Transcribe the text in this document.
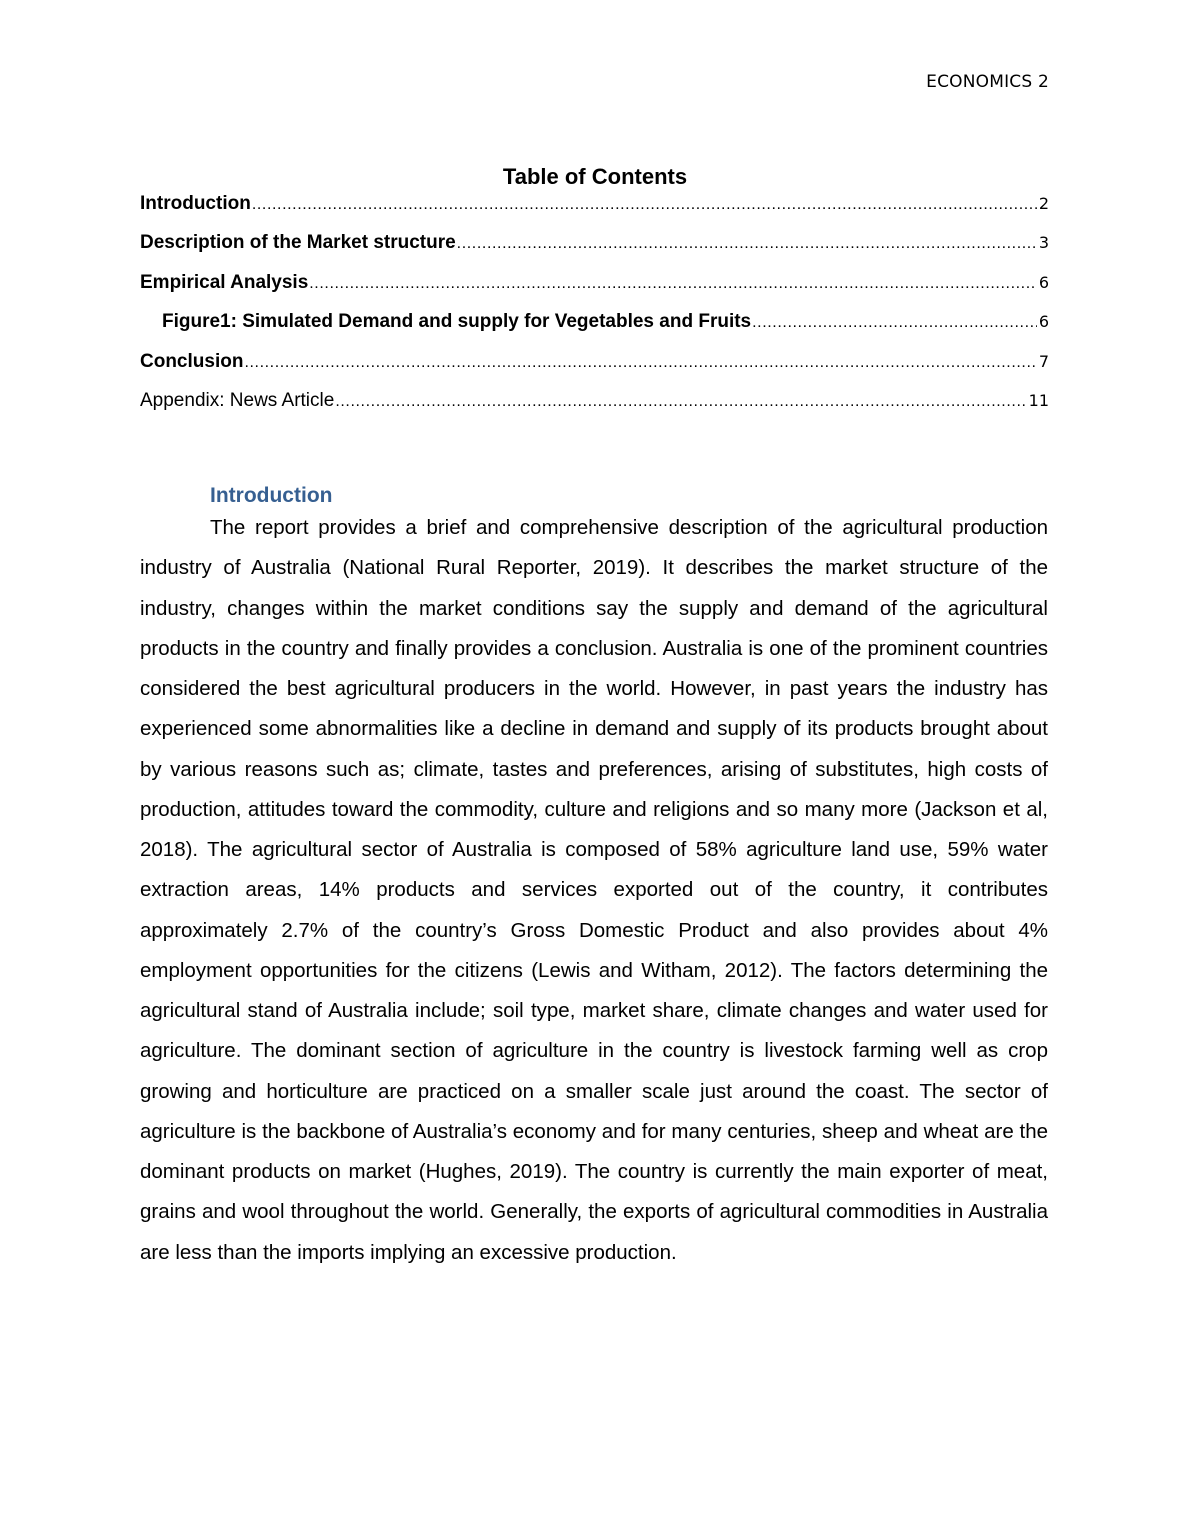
ECONOMICS 2
Table of Contents
Introduction .....	2
Description of the Market structure .....	3
Empirical Analysis .....	6
Figure1: Simulated Demand and supply for Vegetables and Fruits .....	6
Conclusion .....	7
Appendix: News Article .....	11
Introduction

The report provides a brief and comprehensive description of the agricultural production industry of Australia (National Rural Reporter, 2019). It describes the market structure of the industry, changes within the market conditions say the supply and demand of the agricultural products in the country and finally provides a conclusion. Australia is one of the prominent countries considered the best agricultural producers in the world. However, in past years the industry has experienced some abnormalities like a decline in demand and supply of its products brought about by various reasons such as; climate, tastes and preferences, arising of substitutes, high costs of production, attitudes toward the commodity, culture and religions and so many more (Jackson et al, 2018). The agricultural sector of Australia is composed of 58% agriculture land use, 59% water extraction areas, 14% products and services exported out of the country, it contributes approximately 2.7% of the country’s Gross Domestic Product and also provides about 4% employment opportunities for the citizens (Lewis and Witham, 2012). The factors determining the agricultural stand of Australia include; soil type, market share, climate changes and water used for agriculture. The dominant section of agriculture in the country is livestock farming well as crop growing and horticulture are practiced on a smaller scale just around the coast. The sector of agriculture is the backbone of Australia’s economy and for many centuries, sheep and wheat are the dominant products on market (Hughes, 2019). The country is currently the main exporter of meat, grains and wool throughout the world. Generally, the exports of agricultural commodities in Australia are less than the imports implying an excessive production.
